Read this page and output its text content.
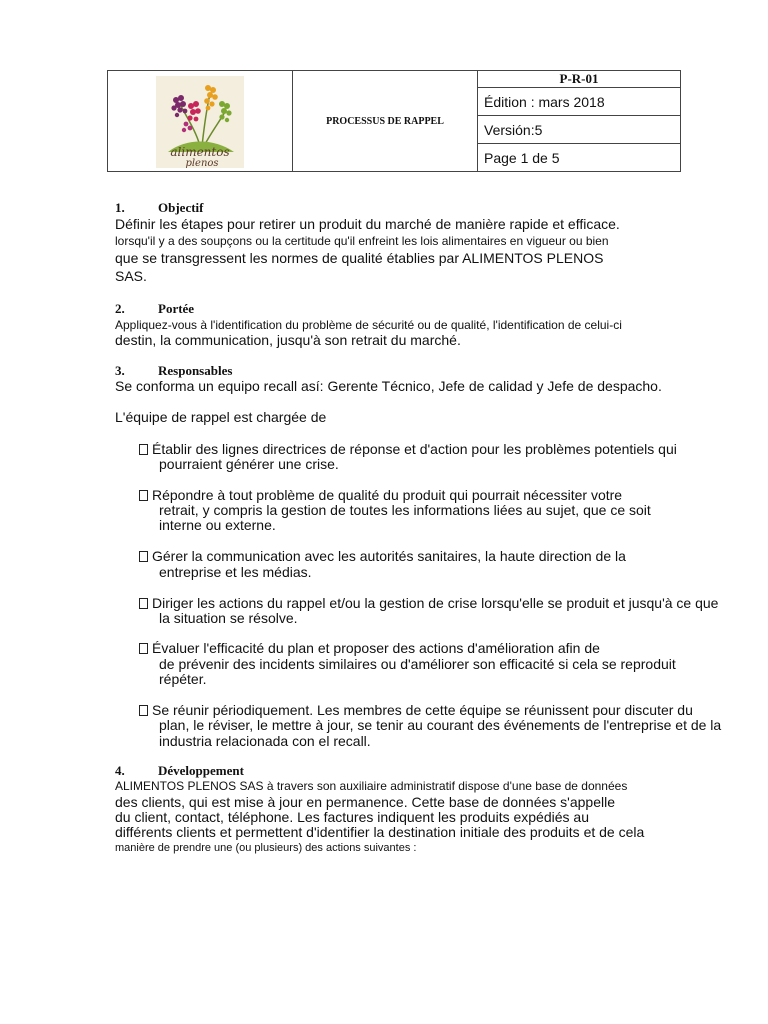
alimentos
plenos
	PROCESSUS DE RAPPEL	P-R-01
Édition : mars 2018
Versión:5
Page 1 de 5
1.	Objectif
Définir les étapes pour retirer un produit du marché de manière rapide et efficace.
lorsqu'il y a des soupçons ou la certitude qu'il enfreint les lois alimentaires en vigueur ou bien
que se transgressent les normes de qualité établies par ALIMENTOS PLENOS
SAS.
2.	Portée
Appliquez-vous à l'identification du problème de sécurité ou de qualité, l'identification de celui-ci
destin, la communication, jusqu'à son retrait du marché.
3.	Responsables
Se conforma un equipo recall así: Gerente Técnico, Jefe de calidad y Jefe de despacho.
L'équipe de rappel est chargée de
Établir des lignes directrices de réponse et d'action pour les problèmes potentiels qui
pourraient générer une crise.
Répondre à tout problème de qualité du produit qui pourrait nécessiter votre
retrait, y compris la gestion de toutes les informations liées au sujet, que ce soit
interne ou externe.
Gérer la communication avec les autorités sanitaires, la haute direction de la
entreprise et les médias.
Diriger les actions du rappel et/ou la gestion de crise lorsqu'elle se produit et jusqu'à ce que
la situation se résolve.
Évaluer l'efficacité du plan et proposer des actions d'amélioration afin de
de prévenir des incidents similaires ou d'améliorer son efficacité si cela se reproduit
répéter.
Se réunir périodiquement. Les membres de cette équipe se réunissent pour discuter du
plan, le réviser, le mettre à jour, se tenir au courant des événements de l'entreprise et de la
industria relacionada con el recall.
4.	Développement
ALIMENTOS PLENOS SAS à travers son auxiliaire administratif dispose d'une base de données
des clients, qui est mise à jour en permanence. Cette base de données s'appelle
du client, contact, téléphone. Les factures indiquent les produits expédiés au
différents clients et permettent d'identifier la destination initiale des produits et de cela
manière de prendre une (ou plusieurs) des actions suivantes :
